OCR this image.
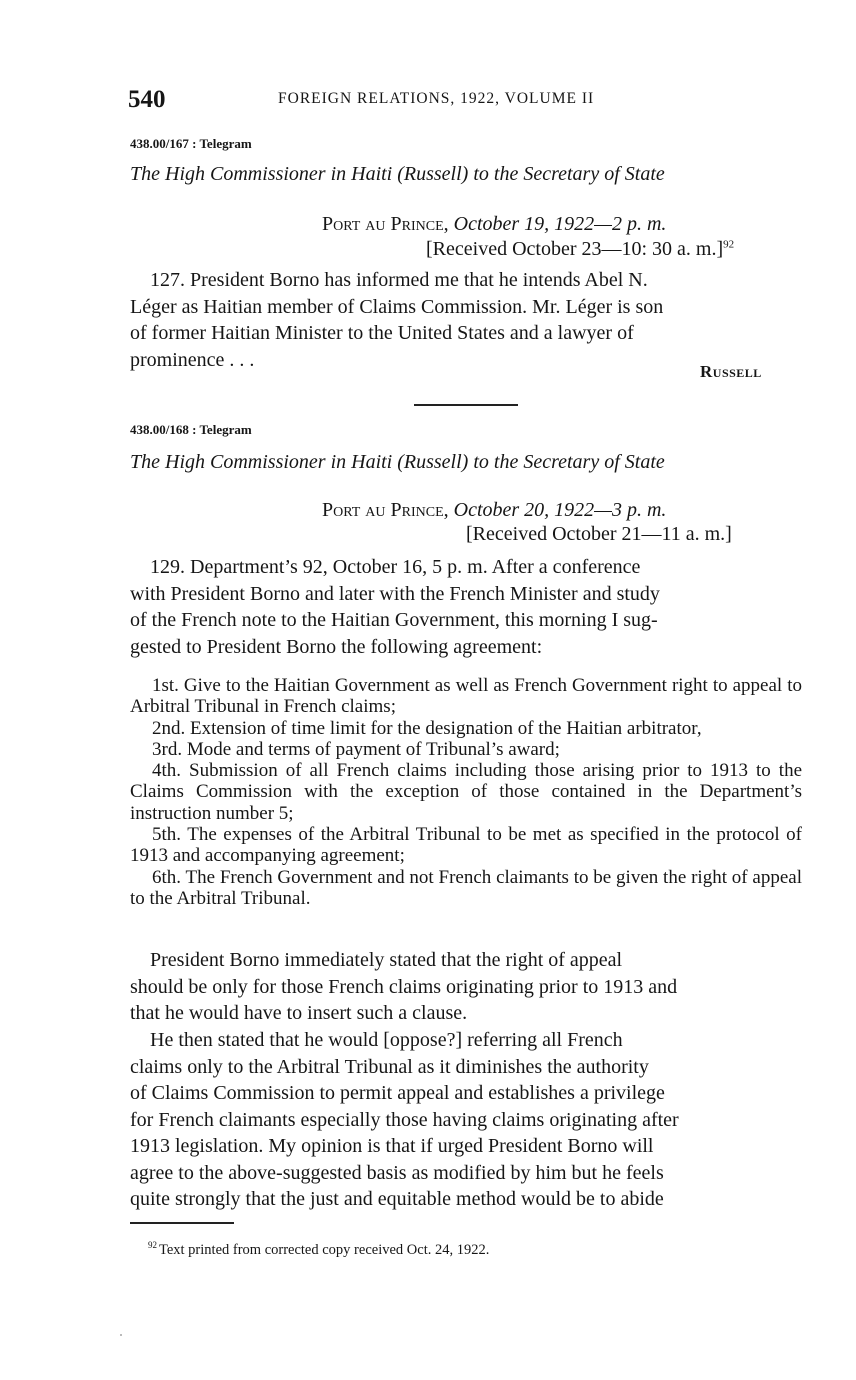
540	FOREIGN RELATIONS, 1922, VOLUME II
438.00/167 : Telegram
The High Commissioner in Haiti (Russell) to the Secretary of State
Port au Prince, October 19, 1922—2 p. m.
[Received October 23—10: 30 a. m.]$^{92}$
127. President Borno has informed me that he intends Abel N.
Léger as Haitian member of Claims Commission. Mr. Léger is son
of former Haitian Minister to the United States and a lawyer of
prominence . . .
Russell
438.00/168 : Telegram
The High Commissioner in Haiti (Russell) to the Secretary of State
Port au Prince, October 20, 1922—3 p. m.
[Received October 21—11 a. m.]
129. Department’s 92, October 16, 5 p. m. After a conference
with President Borno and later with the French Minister and study
of the French note to the Haitian Government, this morning I sug-
gested to President Borno the following agreement:
1st. Give to the Haitian Government as well as French Government right to appeal to Arbitral Tribunal in French claims;
2nd. Extension of time limit for the designation of the Haitian arbitrator,
3rd. Mode and terms of payment of Tribunal’s award;
4th. Submission of all French claims including those arising prior to 1913 to the Claims Commission with the exception of those contained in the Department’s instruction number 5;
5th. The expenses of the Arbitral Tribunal to be met as specified in the protocol of 1913 and accompanying agreement;
6th. The French Government and not French claimants to be given the right of appeal to the Arbitral Tribunal.
President Borno immediately stated that the right of appeal
should be only for those French claims originating prior to 1913 and
that he would have to insert such a clause.
He then stated that he would [oppose?] referring all French
claims only to the Arbitral Tribunal as it diminishes the authority
of Claims Commission to permit appeal and establishes a privilege
for French claimants especially those having claims originating after
1913 legislation. My opinion is that if urged President Borno will
agree to the above-suggested basis as modified by him but he feels
quite strongly that the just and equitable method would be to abide
$^{92}$ Text printed from corrected copy received Oct. 24, 1922.
